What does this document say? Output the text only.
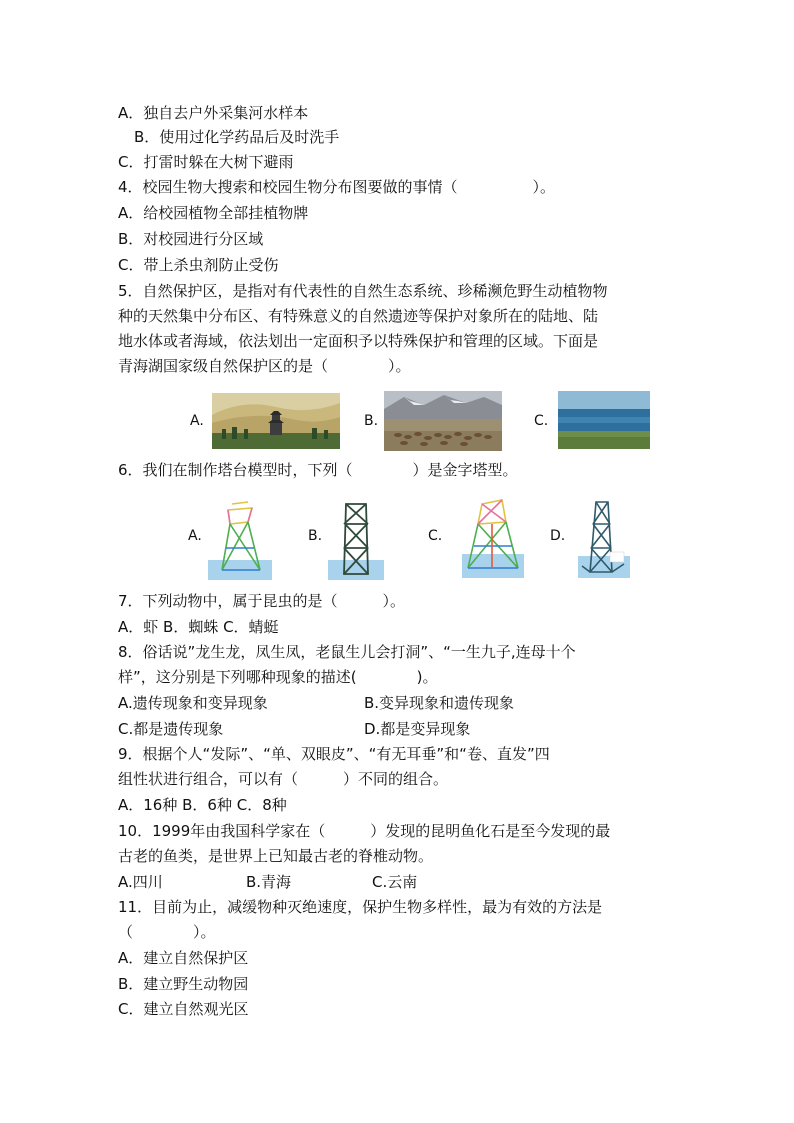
A．独自去户外采集河水样本
B．使用过化学药品后及时洗手
C．打雷时躲在大树下避雨
4．校园生物大搜索和校园生物分布图要做的事情（　　　　　）。
A．给校园植物全部挂植物牌
B．对校园进行分区域
C．带上杀虫剂防止受伤
5．自然保护区，是指对有代表性的自然生态系统、珍稀濒危野生动植物物
种的天然集中分布区、有特殊意义的自然遗迹等保护对象所在的陆地、陆
地水体或者海域，依法划出一定面积予以特殊保护和管理的区域。下面是
青海湖国家级自然保护区的是（　　　　）。
A.	B.	C.
6．我们在制作塔台模型时，下列（　　　　）是金字塔型。
A.	B.	C.	D.
7．下列动物中，属于昆虫的是（　　　）。
A．虾 B．蜘蛛 C．蜻蜓
8．俗话说”龙生龙，凤生凤，老鼠生儿会打洞”、“一生九子,连母十个
样”，这分别是下列哪种现象的描述(　　　　)。
A.遗传现象和变异现象	B.变异现象和遗传现象
C.都是遗传现象	D.都是变异现象
9．根据个人“发际”、“单、双眼皮”、“有无耳垂”和“卷、直发”四
组性状进行组合，可以有（　　　）不同的组合。
A．16种 B．6种 C．8种
10．1999年由我国科学家在（　　　）发现的昆明鱼化石是至今发现的最
古老的鱼类，是世界上已知最古老的脊椎动物。
A.四川	B.青海	C.云南
11．目前为止，减缓物种灭绝速度，保护生物多样性，最为有效的方法是
（　　　　）。
A．建立自然保护区
B．建立野生动物园
C．建立自然观光区
